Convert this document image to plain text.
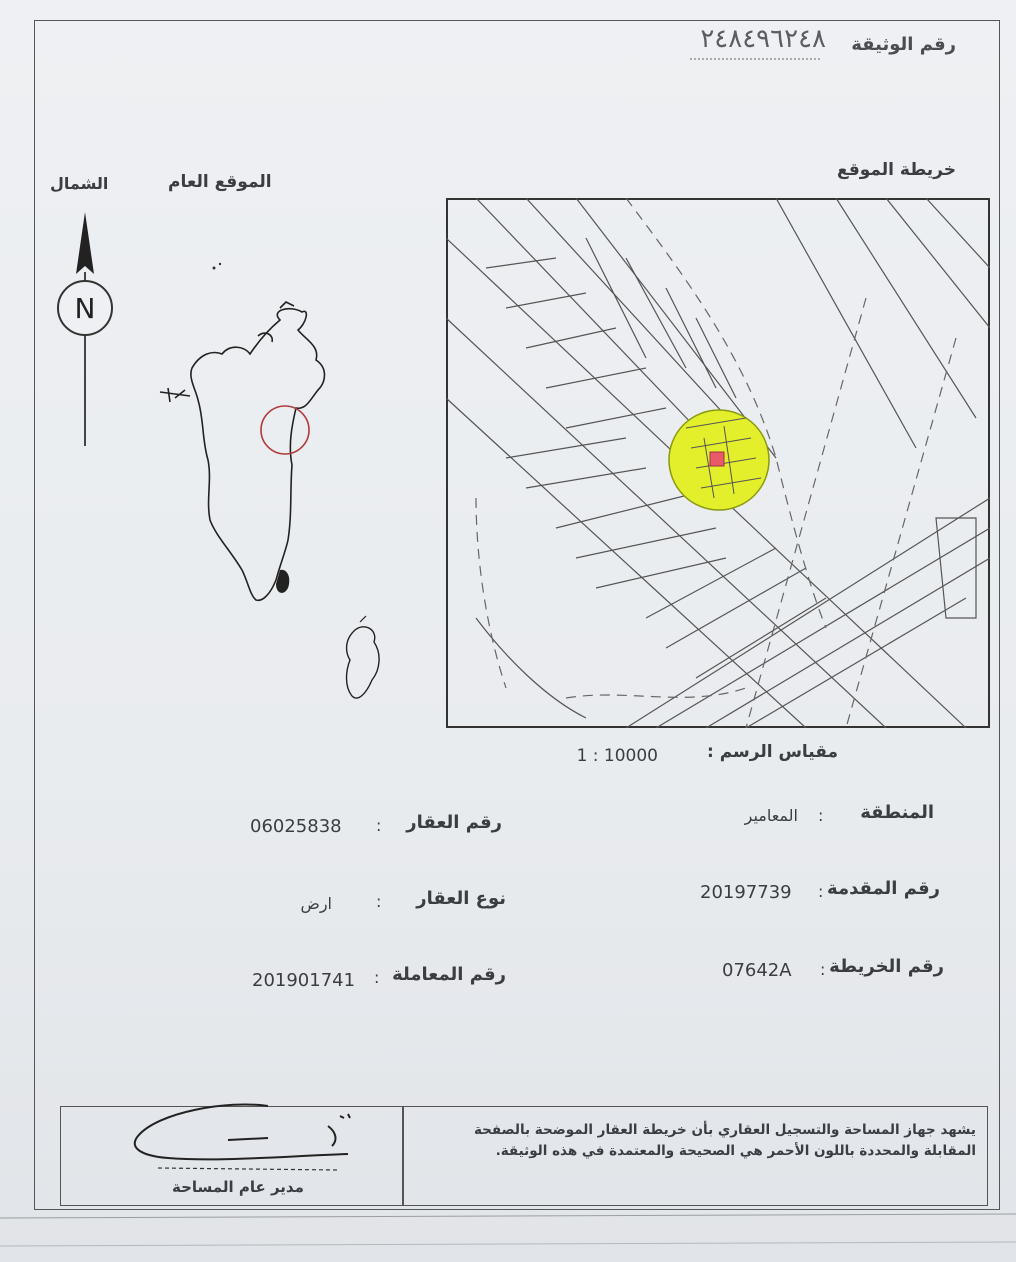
رقم الوثيقة
٢٤٨٤٩٦٢٤٨
خريطة الموقع
الموقع العام
الشمال
N
مقياس الرسم :
1 : 10000
المنطقة
:
المعامير
رقم المقدمة
:
20197739
رقم الخريطة
:
07642A
رقم العقار
:
06025838
نوع العقار
:
ارض
رقم المعاملة
:
201901741
يشهد جهاز المساحة والتسجيل العقاري بأن خريطة العقار الموضحة بالصفحة المقابلة والمحددة باللون الأحمر هي الصحيحة والمعتمدة في هذه الوثيقة.
مدير عام المساحة
